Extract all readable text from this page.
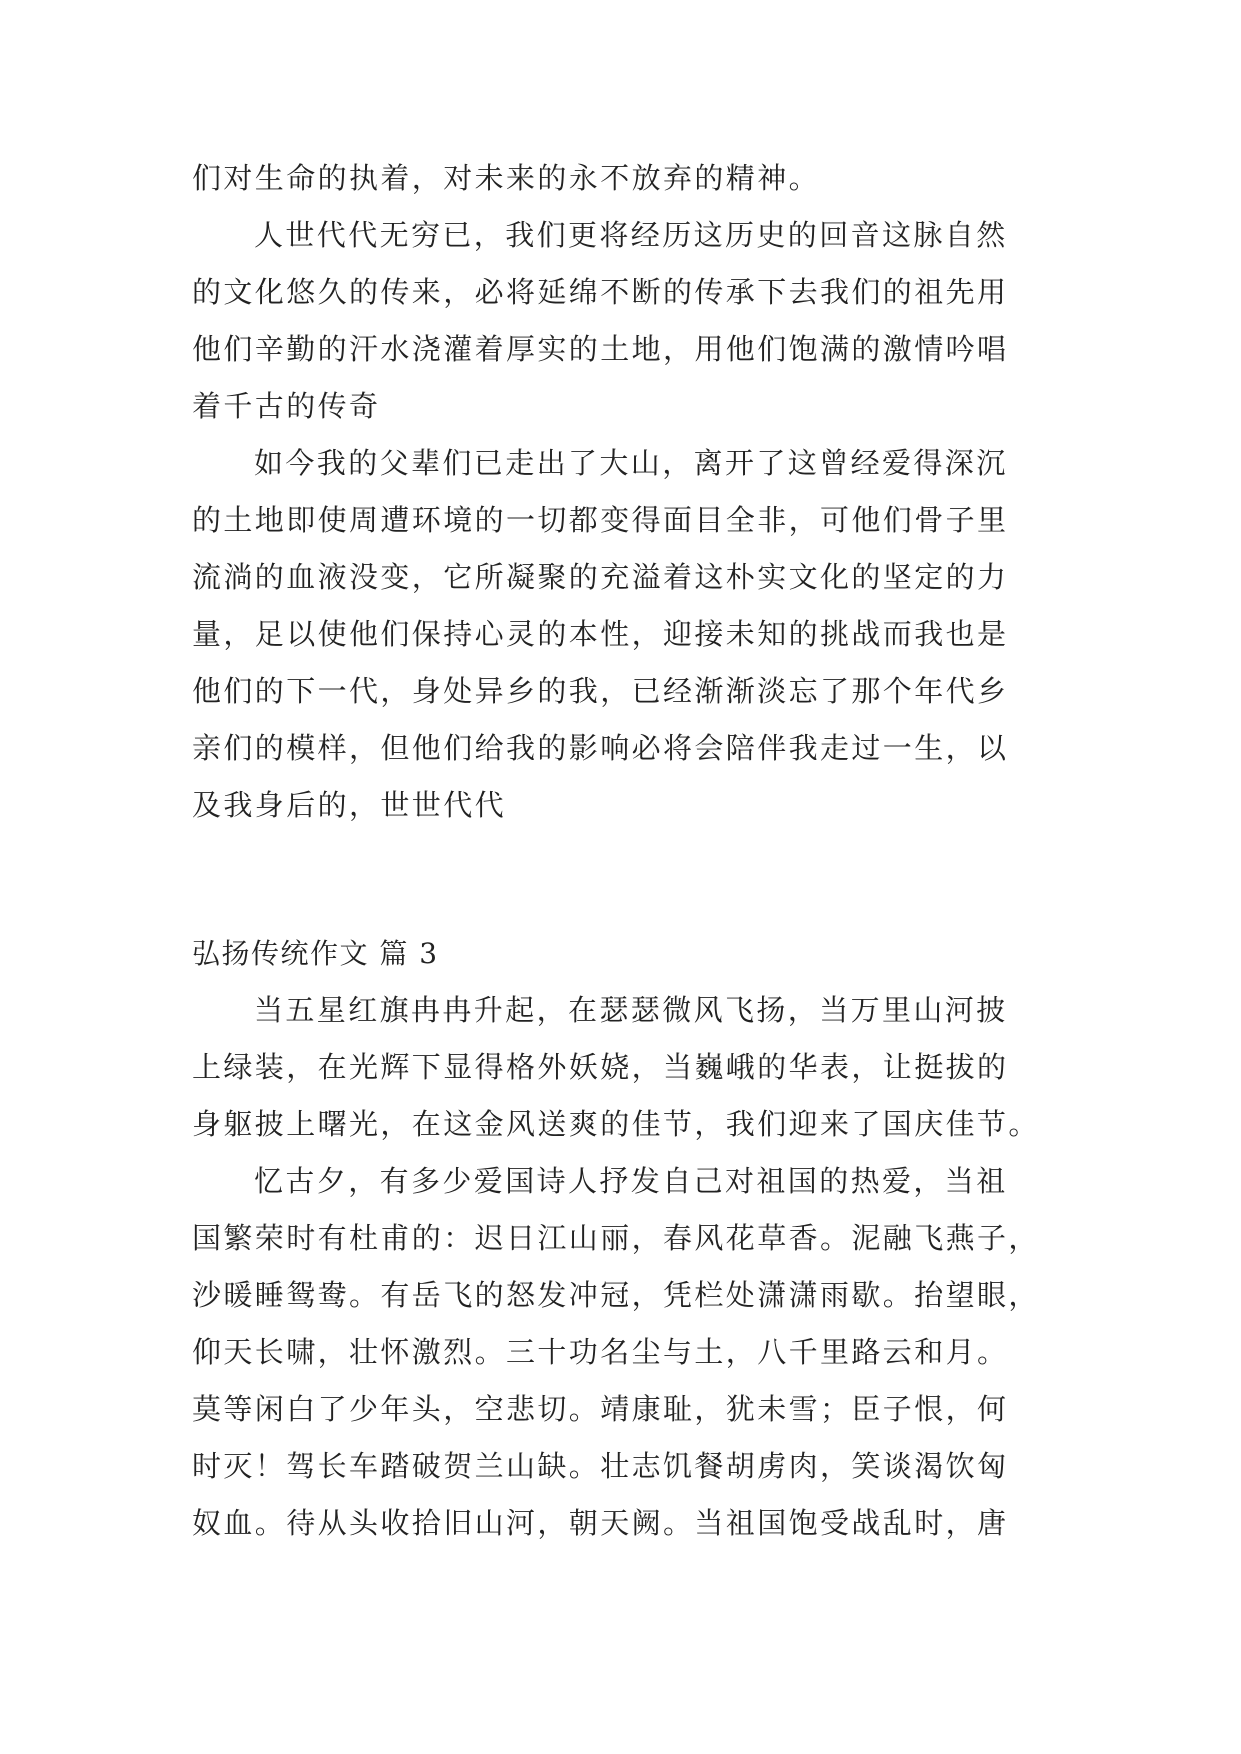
们对生命的执着，对未来的永不放弃的精神。
人世代代无穷已，我们更将经历这历史的回音这脉自然
的文化悠久的传来，必将延绵不断的传承下去我们的祖先用
他们辛勤的汗水浇灌着厚实的土地，用他们饱满的激情吟唱
着千古的传奇
如今我的父辈们已走出了大山，离开了这曾经爱得深沉
的土地即使周遭环境的一切都变得面目全非，可他们骨子里
流淌的血液没变，它所凝聚的充溢着这朴实文化的坚定的力
量，足以使他们保持心灵的本性，迎接未知的挑战而我也是
他们的下一代，身处异乡的我，已经渐渐淡忘了那个年代乡
亲们的模样，但他们给我的影响必将会陪伴我走过一生，以
及我身后的，世世代代
弘扬传统作文 篇 3
当五星红旗冉冉升起，在瑟瑟微风飞扬，当万里山河披
上绿装，在光辉下显得格外妖娆，当巍峨的华表，让挺拔的
身躯披上曙光，在这金风送爽的佳节，我们迎来了国庆佳节。
忆古夕，有多少爱国诗人抒发自己对祖国的热爱，当祖
国繁荣时有杜甫的：迟日江山丽，春风花草香。泥融飞燕子，
沙暖睡鸳鸯。有岳飞的怒发冲冠，凭栏处潇潇雨歇。抬望眼，
仰天长啸，壮怀激烈。三十功名尘与土，八千里路云和月。
莫等闲白了少年头，空悲切。靖康耻，犹未雪；臣子恨，何
时灭！驾长车踏破贺兰山缺。壮志饥餐胡虏肉，笑谈渴饮匈
奴血。待从头收拾旧山河，朝天阙。当祖国饱受战乱时，唐
